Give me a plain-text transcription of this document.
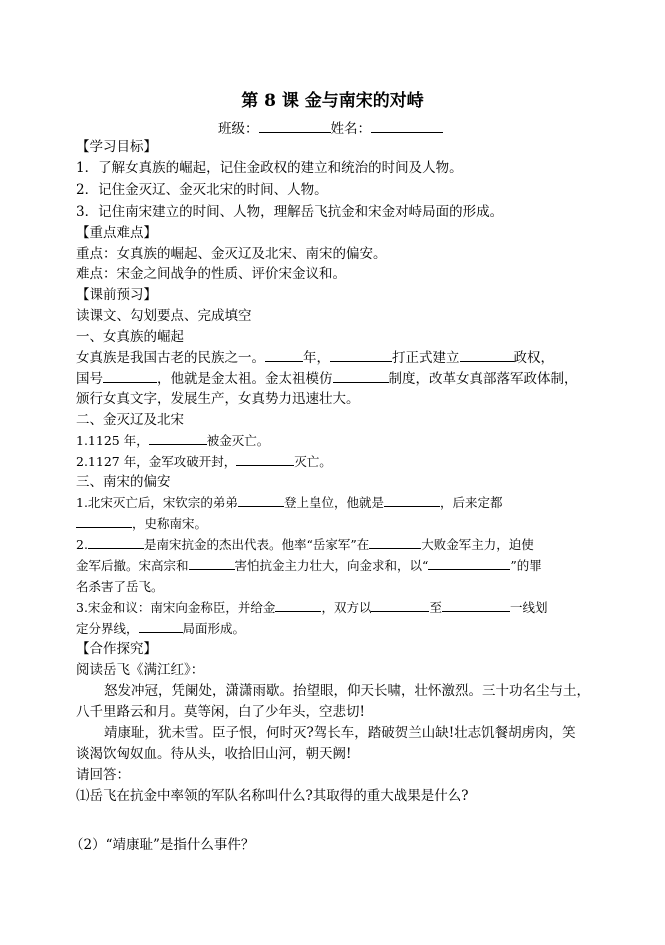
第 8 课 金与南宋的对峙
班级：	姓名：
【学习目标】
1．了解女真族的崛起，记住金政权的建立和统治的时间及人物。
2．记住金灭辽、金灭北宋的时间、人物。
3．记住南宋建立的时间、人物，理解岳飞抗金和宋金对峙局面的形成。
【重点难点】
重点：女真族的崛起、金灭辽及北宋、南宋的偏安。
难点：宋金之间战争的性质、评价宋金议和。
【课前预习】
读课文、勾划要点、完成填空
一、女真族的崛起
女真族是我国古老的民族之一。	年，	打正式建立	政权，
国号	，他就是金太祖。金太祖模仿	制度，改革女真部落军政体制，
颁行女真文字，发展生产，女真势力迅速壮大。
二、金灭辽及北宋
1.1125 年，	被金灭亡。
2.1127 年，金军攻破开封，	灭亡。
三、南宋的偏安
1.北宋灭亡后，宋钦宗的弟弟	登上皇位，他就是	，后来定都
，史称南宋。
2.	是南宋抗金的杰出代表。他率“岳家军”在	大败金军主力，迫使
金军后撤。宋高宗和	害怕抗金主力壮大，向金求和，以“	”的罪
名杀害了岳飞。
3.宋金和议：南宋向金称臣，并给金	，双方以	至	一线划
定分界线，	局面形成。
【合作探究】
阅读岳飞《满江红》：
怒发冲冠，凭阑处，潇潇雨歇。抬望眼，仰天长啸，壮怀激烈。三十功名尘与土，
八千里路云和月。莫等闲，白了少年头，空悲切!
靖康耻，犹未雪。臣子恨，何时灭?驾长车，踏破贺兰山缺!壮志饥餐胡虏肉，笑
谈渴饮匈奴血。待从头，收拾旧山河，朝天阙!
请回答：
⑴岳飞在抗金中率领的军队名称叫什么?其取得的重大战果是什么?
（2）“靖康耻”是指什么事件？
